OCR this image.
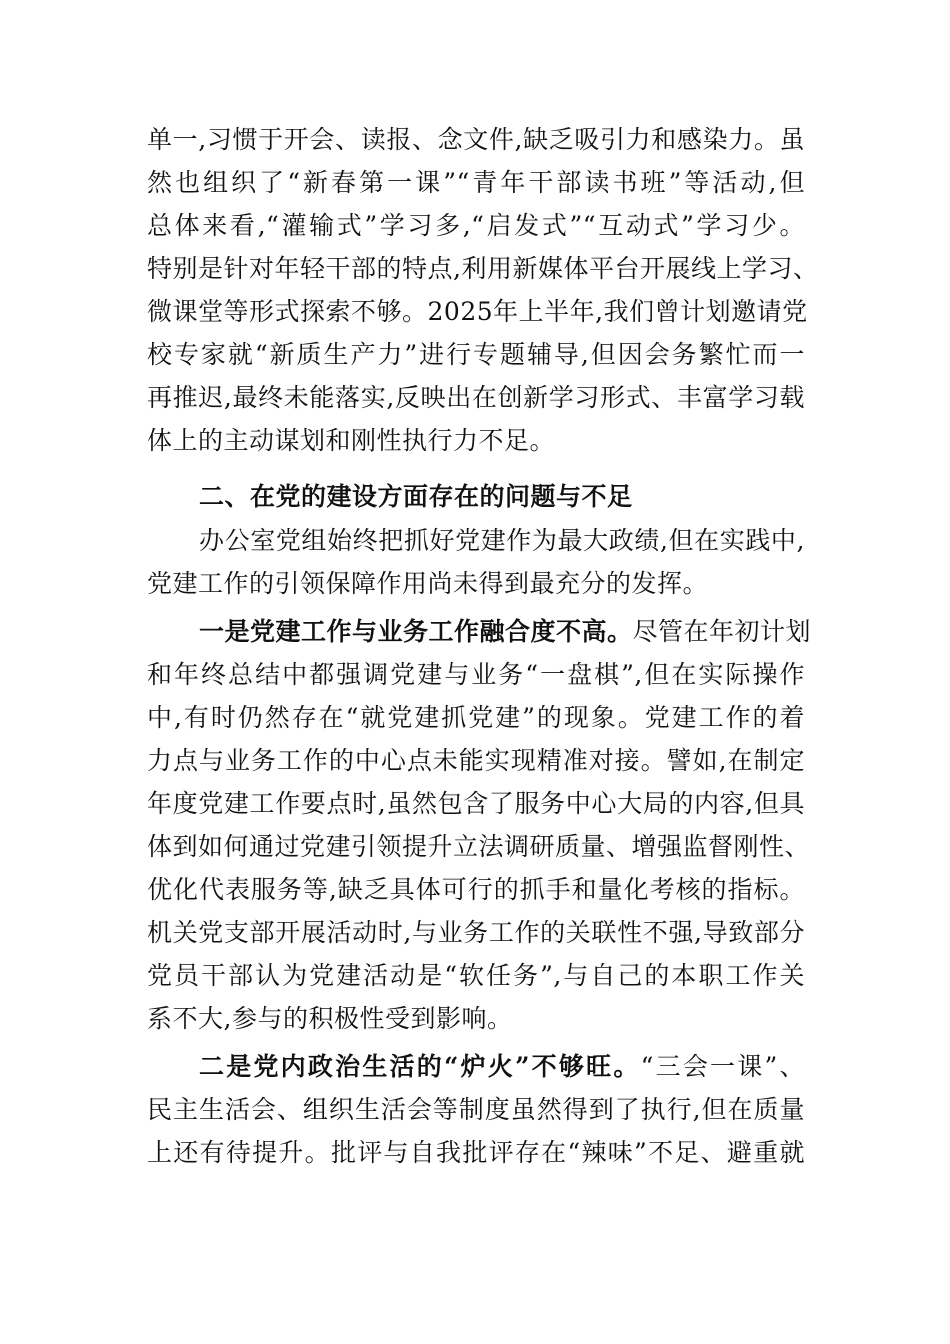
单一,习惯于开会、读报、念文件,缺乏吸引力和感染力。虽
然也组织了“新春第一课”“青年干部读书班”等活动,但
总体来看,“灌输式”学习多,“启发式”“互动式”学习少。
特别是针对年轻干部的特点,利用新媒体平台开展线上学习、
微课堂等形式探索不够。2025年上半年,我们曾计划邀请党
校专家就“新质生产力”进行专题辅导,但因会务繁忙而一
再推迟,最终未能落实,反映出在创新学习形式、丰富学习载
体上的主动谋划和刚性执行力不足。
二、在党的建设方面存在的问题与不足
办公室党组始终把抓好党建作为最大政绩,但在实践中,
党建工作的引领保障作用尚未得到最充分的发挥。
一是党建工作与业务工作融合度不高。尽管在年初计划
和年终总结中都强调党建与业务“一盘棋”,但在实际操作
中,有时仍然存在“就党建抓党建”的现象。党建工作的着
力点与业务工作的中心点未能实现精准对接。譬如,在制定
年度党建工作要点时,虽然包含了服务中心大局的内容,但具
体到如何通过党建引领提升立法调研质量、增强监督刚性、
优化代表服务等,缺乏具体可行的抓手和量化考核的指标。
机关党支部开展活动时,与业务工作的关联性不强,导致部分
党员干部认为党建活动是“软任务”,与自己的本职工作关
系不大,参与的积极性受到影响。
二是党内政治生活的“炉火”不够旺。“三会一课”、
民主生活会、组织生活会等制度虽然得到了执行,但在质量
上还有待提升。批评与自我批评存在“辣味”不足、避重就
